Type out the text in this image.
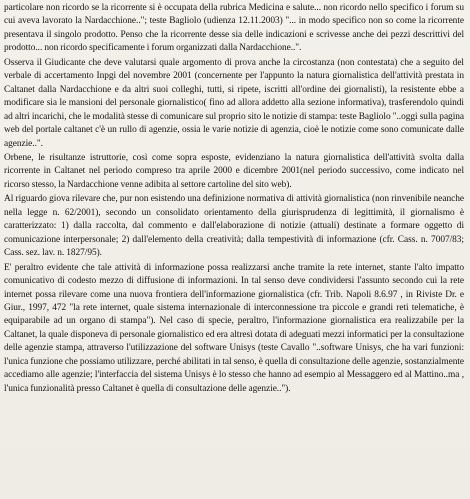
particolare non ricordo se la ricorrente si è occupata della rubrica Medicina e salute... non ricordo nello specifico i forum su cui aveva lavorato la Nardacchione.."; teste Bagliolo (udienza 12.11.2003) "... in modo specifico non so come la ricorrente presentava il singolo prodotto. Penso che la ricorrente desse sia delle indicazioni e scrivesse anche dei pezzi descrittivi del prodotto... non ricordo specificamente i forum organizzati dalla Nardacchione..".

Osserva il Giudicante che deve valutarsi quale argomento di prova anche la circostanza (non contestata) che a seguito del verbale di accertamento Inpgi del novembre 2001 (concernente per l'appunto la natura giornalistica dell'attività prestata in Caltanet dalla Nardacchione e da altri suoi colleghi, tutti, si ripete, iscritti all'ordine dei giornalisti), la resistente ebbe a modificare sia le mansioni del personale giornalistico( fino ad allora addetto alla sezione informativa), trasferendolo quindi ad altri incarichi, che le modalità stesse di comunicare sul proprio sito le notizie di stampa: teste Bagliolo "..oggi sulla pagina web del portale caltanet c'è un rullo di agenzie, ossia le varie notizie di agenzia, cioè le notizie come sono comunicate dalle agenzie..".

Orbene, le risultanze istruttorie, così come sopra esposte, evidenziano la natura giornalistica dell'attività svolta dalla ricorrente in Caltanet nel periodo compreso tra aprile 2000 e dicembre 2001(nel periodo successivo, come indicato nel ricorso stesso, la Nardacchione venne adibita al settore cartoline del sito web).

Al riguardo giova rilevare che, pur non esistendo una definizione normativa di attività giornalistica (non rinvenibile neanche nella legge n. 62/2001), secondo un consolidato orientamento della giurisprudenza di legittimità, il giornalismo è caratterizzato: 1) dalla raccolta, dal commento e dall'elaborazione di notizie (attuali) destinate a formare oggetto di comunicazione interpersonale; 2) dall'elemento della creatività; dalla tempestività di informazione (cfr. Cass. n. 7007/83; Cass. sez. lav. n. 1827/95).

E' peraltro evidente che tale attività di informazione possa realizzarsi anche tramite la rete internet, stante l'alto impatto comunicativo di codesto mezzo di diffusione di informazioni. In tal senso deve condividersi l'assunto secondo cui la rete internet possa rilevare come una nuova frontiera dell'informazione giornalistica (cfr. Trib. Napoli 8.6.97 , in Riviste Dr. e Giur., 1997, 472 "la rete internet, quale sistema internazionale di interconnessione tra piccole e grandi reti telematiche, è equiparabile ad un organo di stampa"). Nel caso di specie, peraltro, l'informazione giornalistica era realizzabile per la Caltanet, la quale disponeva di personale giornalistico ed era altresì dotata di adeguati mezzi informatici per la consultazione delle agenzie stampa, attraverso l'utilizzazione del software Unisys (teste Cavallo "..software Unisys, che ha vari funzioni: l'unica funzione che possiamo utilizzare, perché abilitati in tal senso, è quella di consultazione delle agenzie, sostanzialmente accediamo alle agenzie; l'interfaccia del sistema Unisys è lo stesso che hanno ad esempio al Messaggero ed al Mattino..ma , l'unica funzionalità presso Caltanet è quella di consultazione delle agenzie..").
